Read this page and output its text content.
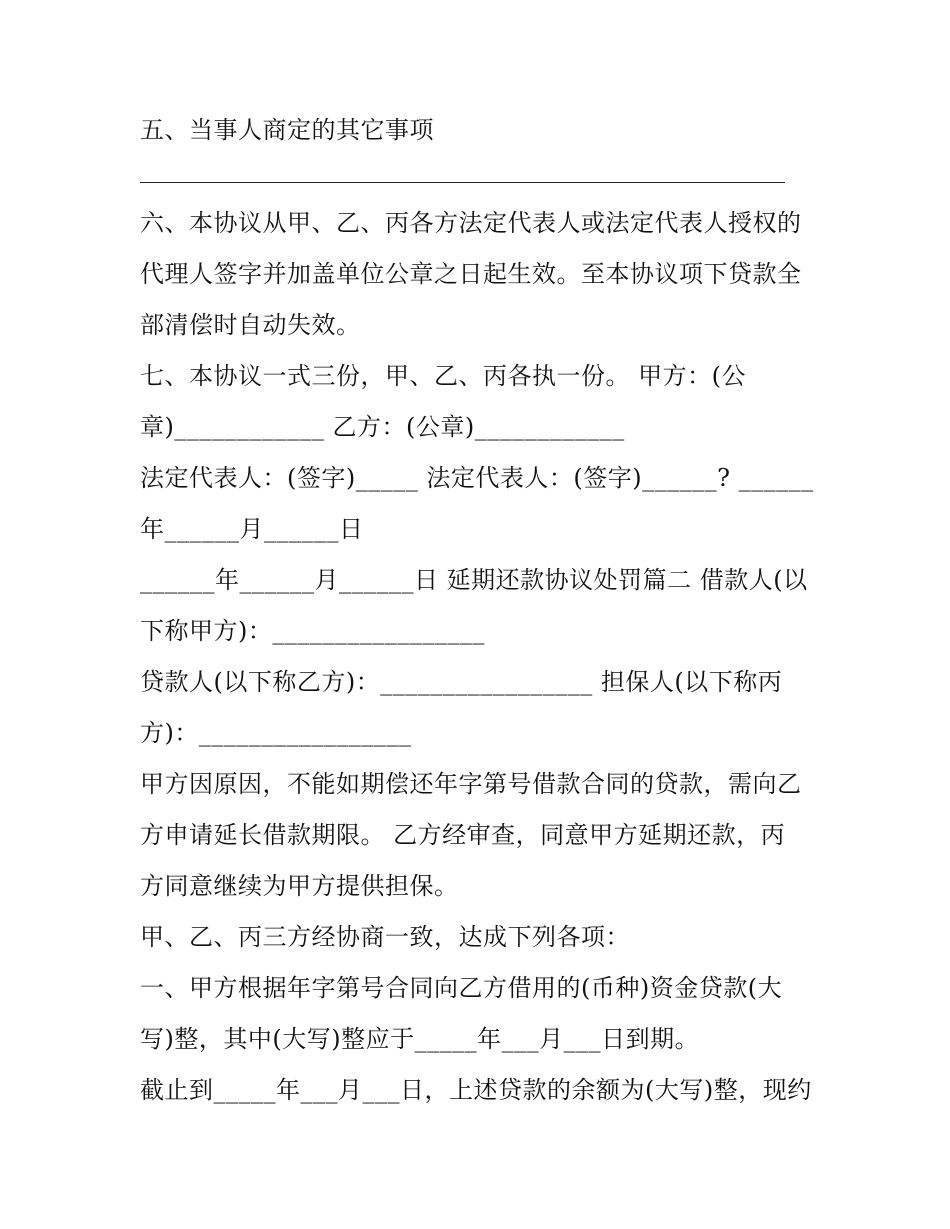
五、当事人商定的其它事项
六、本协议从甲、乙、丙各方法定代表人或法定代表人授权的
代理人签字并加盖单位公章之日起生效。至本协议项下贷款全
部清偿时自动失效。
七、本协议一式三份，甲、乙、丙各执一份。 甲方：(公
章)____________ 乙方：(公章)____________
法定代表人：(签字)_____ 法定代表人：(签字)______? ______
年______月______日
______年______月______日 延期还款协议处罚篇二 借款人(以
下称甲方)：_________________
贷款人(以下称乙方)：_________________ 担保人(以下称丙
方)：_________________
甲方因原因，不能如期偿还年字第号借款合同的贷款，需向乙
方申请延长借款期限。 乙方经审查，同意甲方延期还款，丙
方同意继续为甲方提供担保。
甲、乙、丙三方经协商一致，达成下列各项：
一、甲方根据年字第号合同向乙方借用的(币种)资金贷款(大
写)整，其中(大写)整应于_____年___月___日到期。
截止到_____年___月___日，上述贷款的余额为(大写)整，现约
